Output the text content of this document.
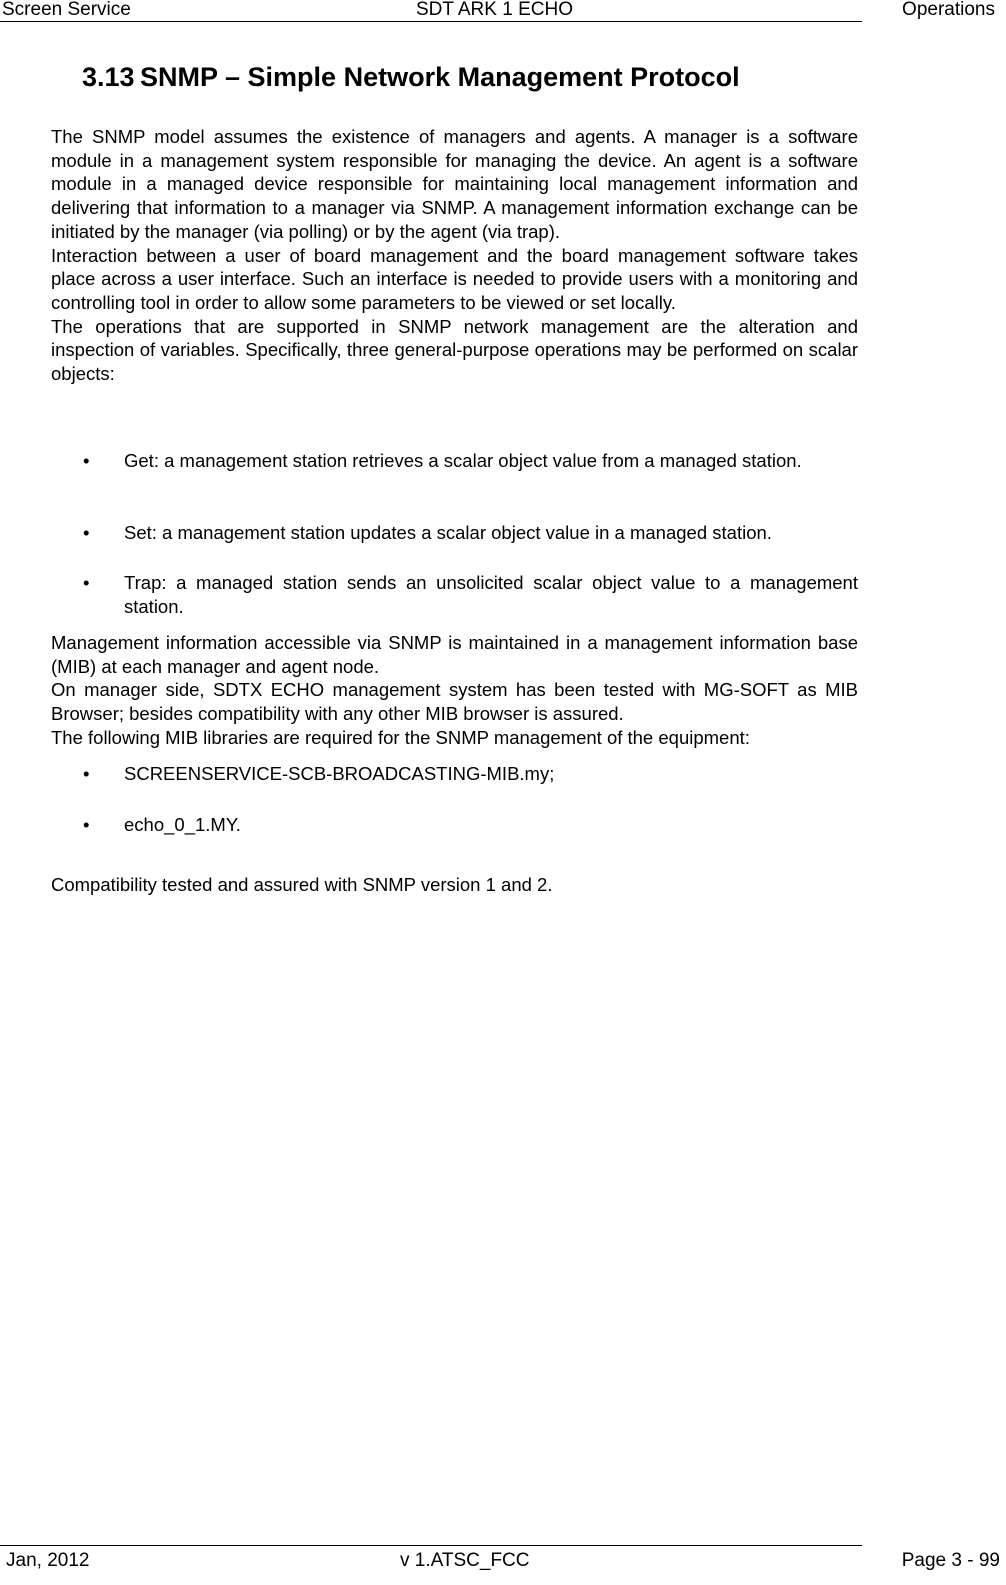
Screen Service	SDT ARK 1 ECHO	Operations
3.13 SNMP – Simple Network Management Protocol

The SNMP model assumes the existence of managers and agents. A manager is a software module in a management system responsible for managing the device. An agent is a software module in a managed device responsible for maintaining local management information and delivering that information to a manager via SNMP. A management information exchange can be initiated by the manager (via polling) or by the agent (via trap).

Interaction between a user of board management and the board management software takes place across a user interface. Such an interface is needed to provide users with a monitoring and controlling tool in order to allow some parameters to be viewed or set locally.

The operations that are supported in SNMP network management are the alteration and inspection of variables. Specifically, three general-purpose operations may be performed on scalar objects:

• Get: a management station retrieves a scalar object value from a managed station.
• Set: a management station updates a scalar object value in a managed station.
• Trap: a managed station sends an unsolicited scalar object value to a management station.

Management information accessible via SNMP is maintained in a management information base (MIB) at each manager and agent node.

On manager side, SDTX ECHO management system has been tested with MG-SOFT as MIB Browser; besides compatibility with any other MIB browser is assured.

The following MIB libraries are required for the SNMP management of the equipment:

• SCREENSERVICE-SCB-BROADCASTING-MIB.my;
• echo_0_1.MY.

Compatibility tested and assured with SNMP version 1 and 2.

Jan, 2012	v 1.ATSC_FCC	Page 3 - 99
